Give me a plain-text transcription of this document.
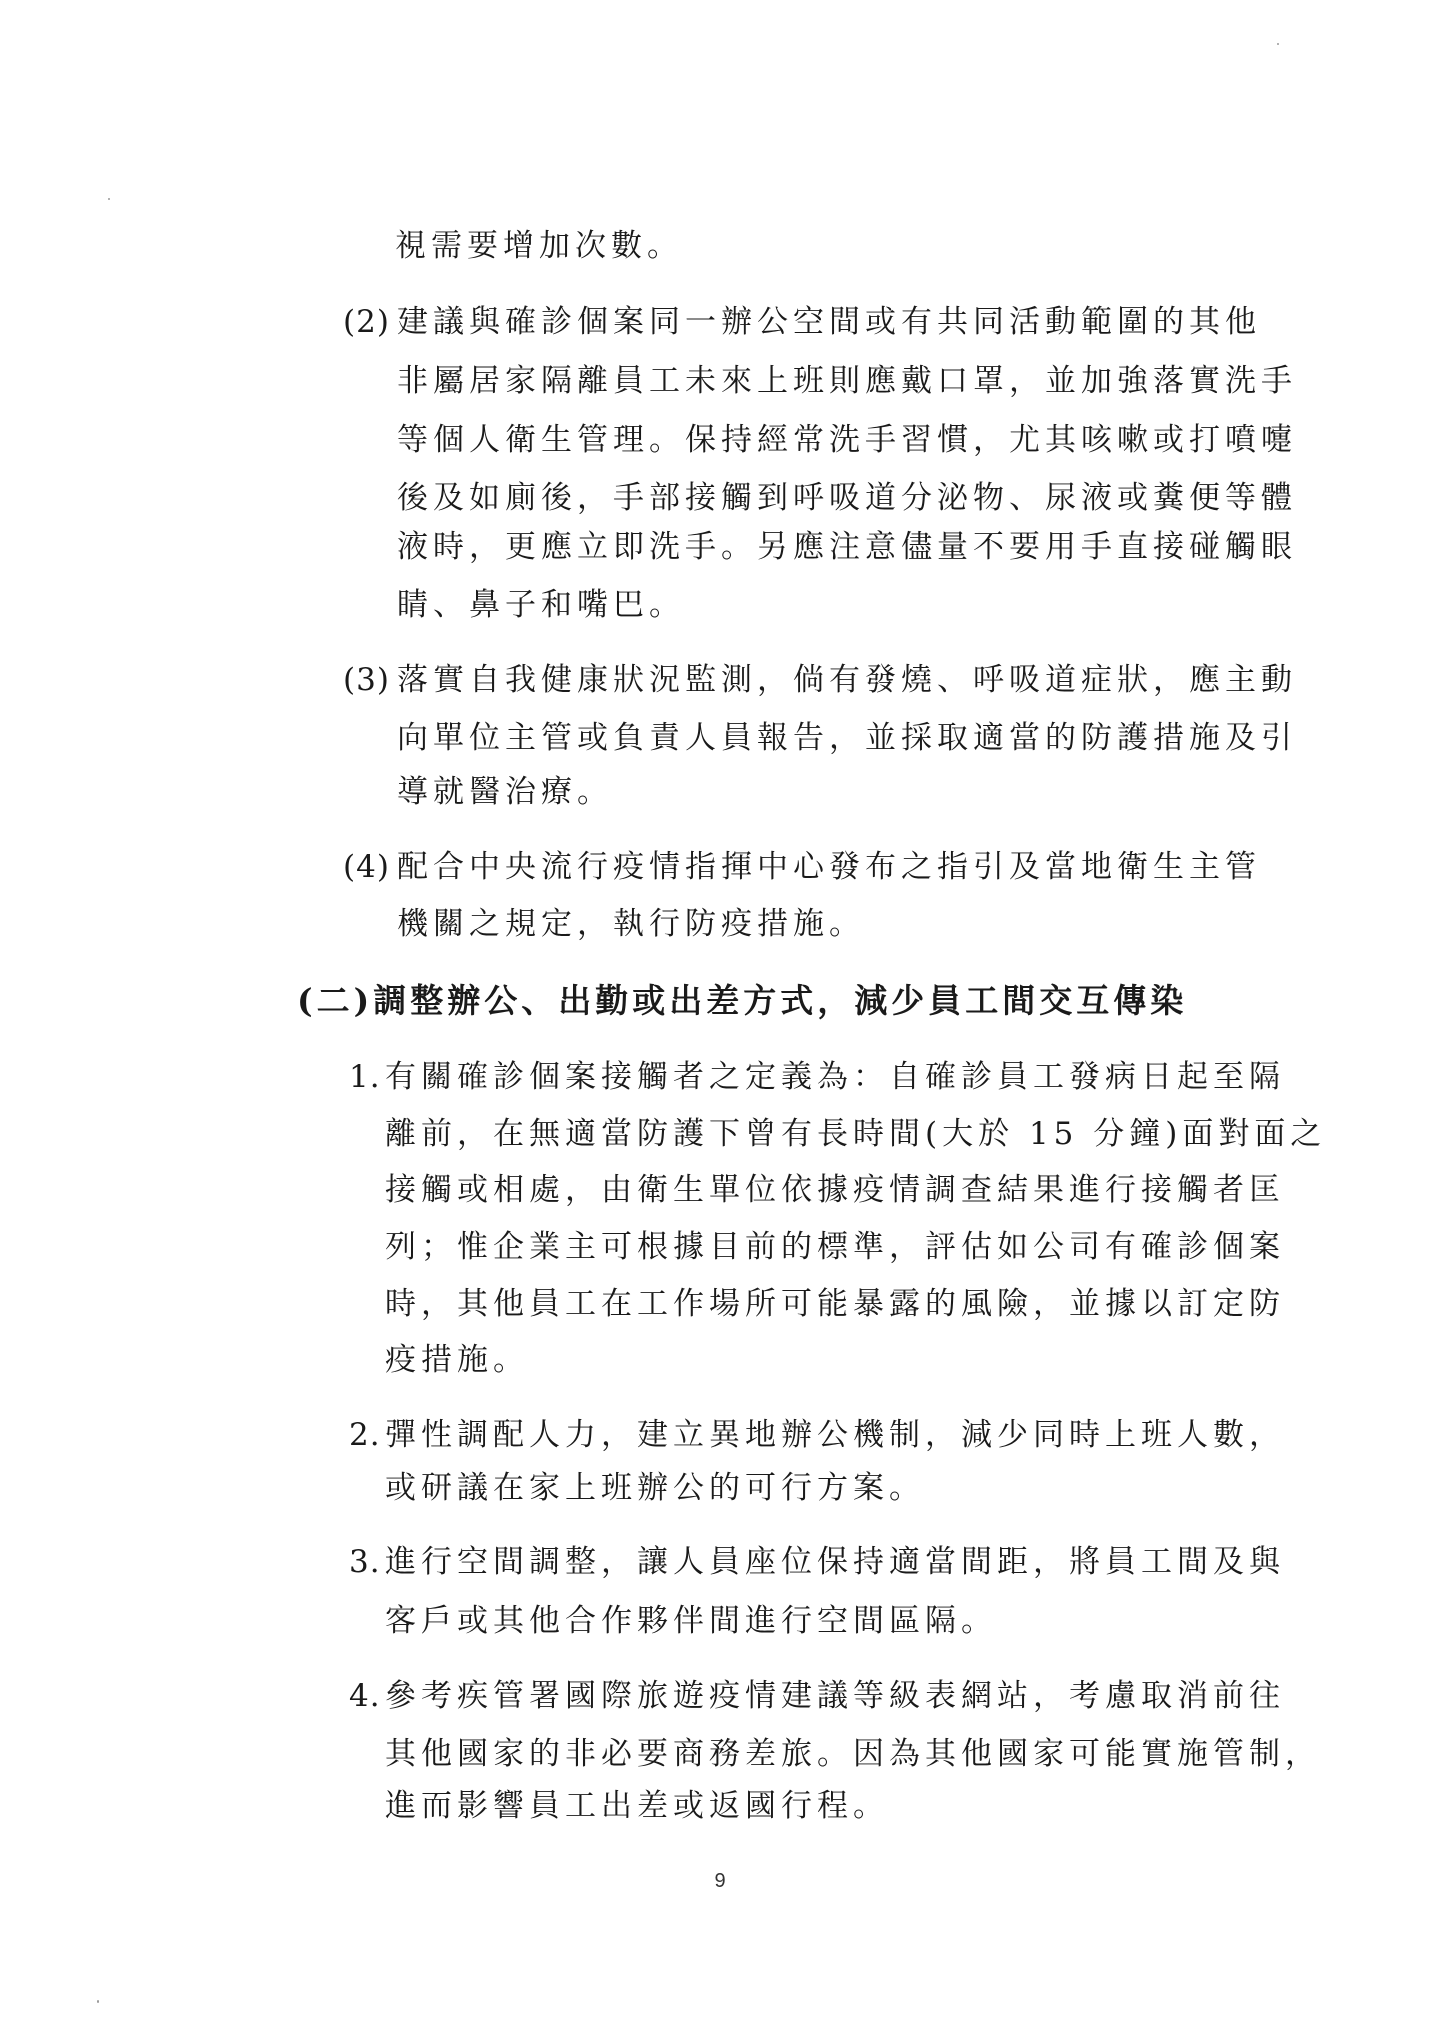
視需要增加次數。
(2) 建議與確診個案同一辦公空間或有共同活動範圍的其他
非屬居家隔離員工未來上班則應戴口罩，並加強落實洗手
等個人衛生管理。保持經常洗手習慣，尤其咳嗽或打噴嚏
後及如廁後，手部接觸到呼吸道分泌物、尿液或糞便等體
液時，更應立即洗手。另應注意儘量不要用手直接碰觸眼
睛、鼻子和嘴巴。
(3) 落實自我健康狀況監測，倘有發燒、呼吸道症狀，應主動
向單位主管或負責人員報告，並採取適當的防護措施及引
導就醫治療。
(4) 配合中央流行疫情指揮中心發布之指引及當地衛生主管
機關之規定，執行防疫措施。
(二)調整辦公、出勤或出差方式，減少員工間交互傳染
1. 有關確診個案接觸者之定義為：自確診員工發病日起至隔
離前，在無適當防護下曾有長時間(大於 15 分鐘)面對面之
接觸或相處，由衛生單位依據疫情調查結果進行接觸者匡
列；惟企業主可根據目前的標準，評估如公司有確診個案
時，其他員工在工作場所可能暴露的風險，並據以訂定防
疫措施。
2. 彈性調配人力，建立異地辦公機制，減少同時上班人數，
或研議在家上班辦公的可行方案。
3. 進行空間調整，讓人員座位保持適當間距，將員工間及與
客戶或其他合作夥伴間進行空間區隔。
4. 參考疾管署國際旅遊疫情建議等級表網站，考慮取消前往
其他國家的非必要商務差旅。因為其他國家可能實施管制，
進而影響員工出差或返國行程。
9
